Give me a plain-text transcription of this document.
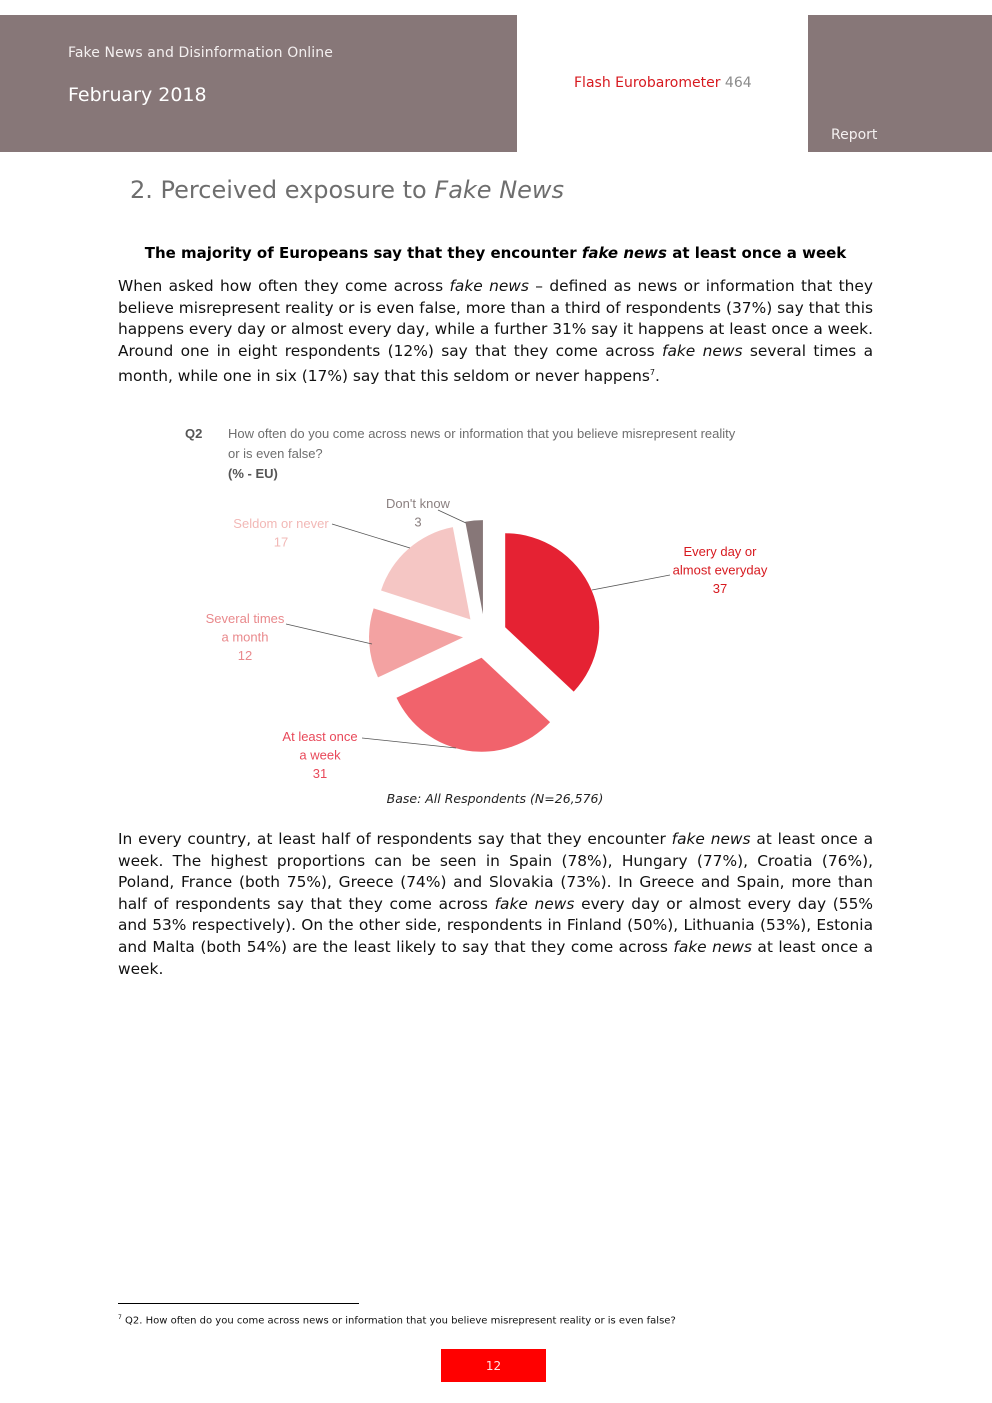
Fake News and Disinformation Online
February 2018
Flash Eurobarometer 464
Report
2. Perceived exposure to Fake News
The majority of Europeans say that they encounter fake news at least once a week
When asked how often they come across fake news – defined as news or information that they believe misrepresent reality or is even false, more than a third of respondents (37%) say that this happens every day or almost every day, while a further 31% say it happens at least once a week. Around one in eight respondents (12%) say that they come across fake news several times a month, while one in six (17%) say that this seldom or never happens$^7$.
Q2 How often do you come across news or information that you believe misrepresent reality
or is even false?
(% - EU)
Every day or
almost everyday
37
At least once
a week
31
Several times
a month
12
Seldom or never
17
Don't know
3
Base: All Respondents (N=26,576)
In every country, at least half of respondents say that they encounter fake news at least once a week. The highest proportions can be seen in Spain (78%), Hungary (77%), Croatia (76%), Poland, France (both 75%), Greece (74%) and Slovakia (73%). In Greece and Spain, more than half of respondents say that they come across fake news every day or almost every day (55% and 53% respectively). On the other side, respondents in Finland (50%), Lithuania (53%), Estonia and Malta (both 54%) are the least likely to say that they come across fake news at least once a week.
$^7$ Q2. How often do you come across news or information that you believe misrepresent reality or is even false?
12
